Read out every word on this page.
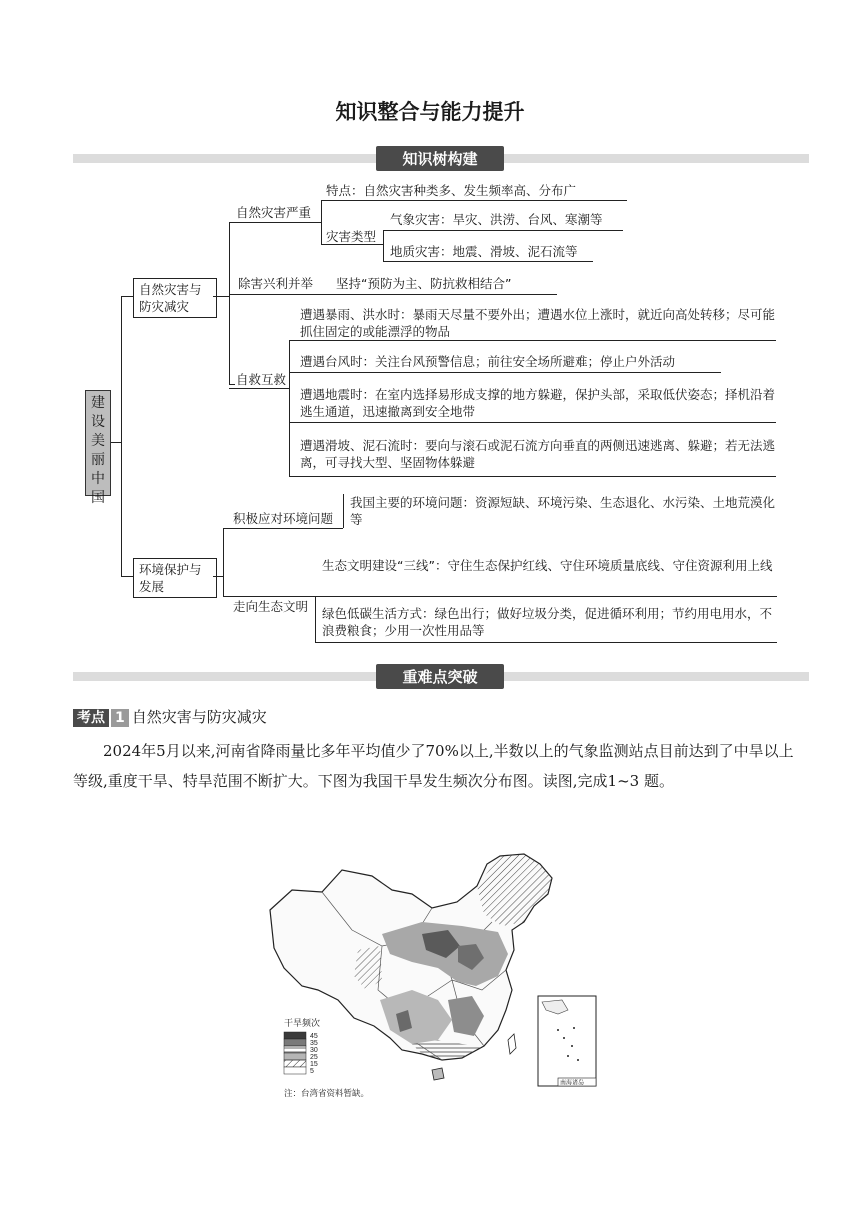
知识整合与能力提升
知识树构建
建设美丽中国
自然灾害与防灾减灾
自然灾害严重
特点：自然灾害种类多、发生频率高、分布广
灾害类型
气象灾害：旱灾、洪涝、台风、寒潮等
地质灾害：地震、滑坡、泥石流等
除害兴利并举 坚持“预防为主、防抗救相结合”
自救互救
遭遇暴雨、洪水时：暴雨天尽量不要外出；遭遇水位上涨时，就近向高处转移；尽可能抓住固定的或能漂浮的物品
遭遇台风时：关注台风预警信息；前往安全场所避难；停止户外活动
遭遇地震时：在室内选择易形成支撑的地方躲避，保护头部，采取低伏姿态；择机沿着逃生通道，迅速撤离到安全地带
遭遇滑坡、泥石流时：要向与滚石或泥石流方向垂直的两侧迅速逃离、躲避；若无法逃离，可寻找大型、坚固物体躲避
环境保护与发展
积极应对环境问题
我国主要的环境问题：资源短缺、环境污染、生态退化、水污染、土地荒漠化等
走向生态文明
生态文明建设“三线”：守住生态保护红线、守住环境质量底线、守住资源利用上线
绿色低碳生活方式：绿色出行；做好垃圾分类，促进循环利用；节约用电用水，不浪费粮食；少用一次性用品等
重难点突破
考点 1 自然灾害与防灾减灾
2024年5月以来,河南省降雨量比多年平均值少了70%以上,半数以上的气象监测站点目前达到了中旱以上等级,重度干旱、特旱范围不断扩大。下图为我国干旱发生频次分布图。读图,完成1~3 题。
干旱频次
45
35
30
25
15
5
注：台湾省资料暂缺。
南海诸岛
